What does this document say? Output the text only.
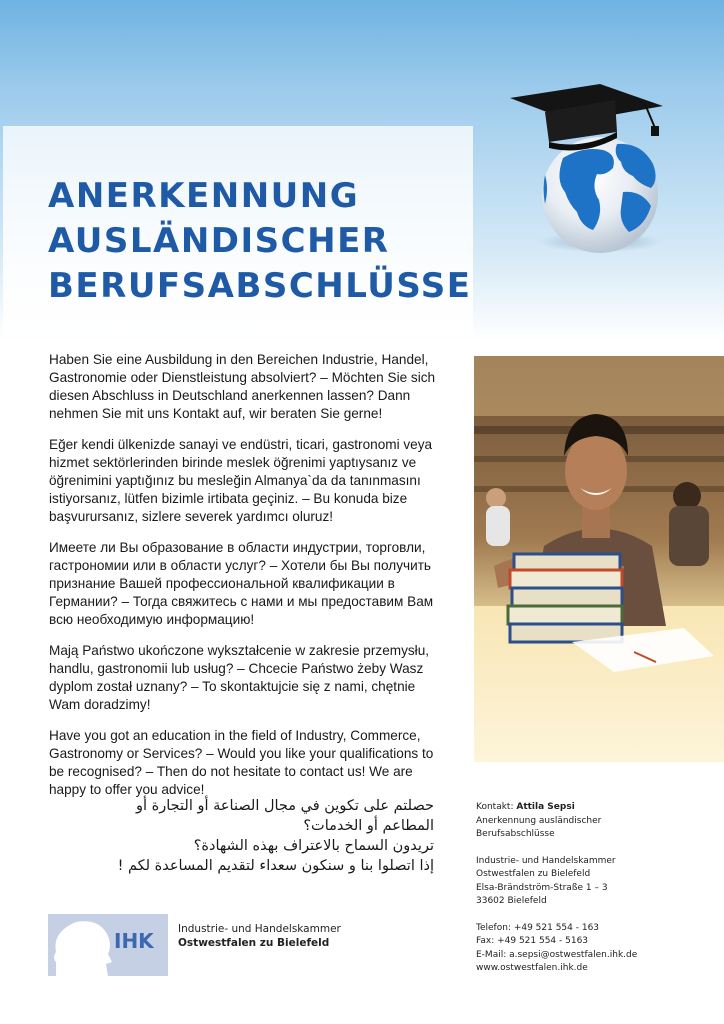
ANERKENNUNG
AUSLÄNDISCHER
BERUFSABSCHLÜSSE

Haben Sie eine Ausbildung in den Bereichen Industrie, Handel, Gastronomie oder Dienstleistung absolviert? – Möchten Sie sich diesen Abschluss in Deutschland anerkennen lassen? Dann nehmen Sie mit uns Kontakt auf, wir beraten Sie gerne!

Eğer kendi ülkenizde sanayi ve endüstri, ticari, gastronomi veya hizmet sektörlerinden birinde meslek öğrenimi yaptıysanız ve öğrenimini yaptığınız bu mesleğin Almanya`da da tanınmasını istiyorsanız, lütfen bizimle irtibata geçiniz. – Bu konuda bize başvurursanız, sizlere severek yardımcı oluruz!

Имеете ли Вы образование в области индустрии, торговли, гастрономии или в области услуг? – Хотели бы Вы получить признание Вашей профессиональной квалификации в Германии? – Тогда свяжитесь с нами и мы предоставим Вам всю необходимую информацию!

Mają Państwo ukończone wykształcenie w zakresie przemysłu, handlu, gastronomii lub usług? – Chcecie Państwo żeby Wasz dyplom został uznany? – To skontaktujcie się z nami, chętnie Wam doradzimy!

Have you got an education in the field of Industry, Commerce, Gastronomy or Services? – Would you like your qualifications to be recognised? – Then do not hesitate to contact us! We are happy to offer you advice!

حصلتم على تكوين في مجال الصناعة أو التجارة أو
المطاعم أو الخدمات؟
تريدون السماح بالاعتراف بهذه الشهادة؟
إذا اتصلوا بنا و سنكون سعداء لتقديم المساعدة لكم !
Kontakt: Attila Sepsi
Anerkennung ausländischer
Berufsabschlüsse
Industrie- und Handelskammer
Ostwestfalen zu Bielefeld
Elsa-Brändström-Straße 1 – 3
33602 Bielefeld
Telefon: +49 521 554 - 163
Fax: +49 521 554 - 5163
E-Mail: a.sepsi@ostwestfalen.ihk.de
www.ostwestfalen.ihk.de
IHK Industrie- und Handelskammer
Ostwestfalen zu Bielefeld
